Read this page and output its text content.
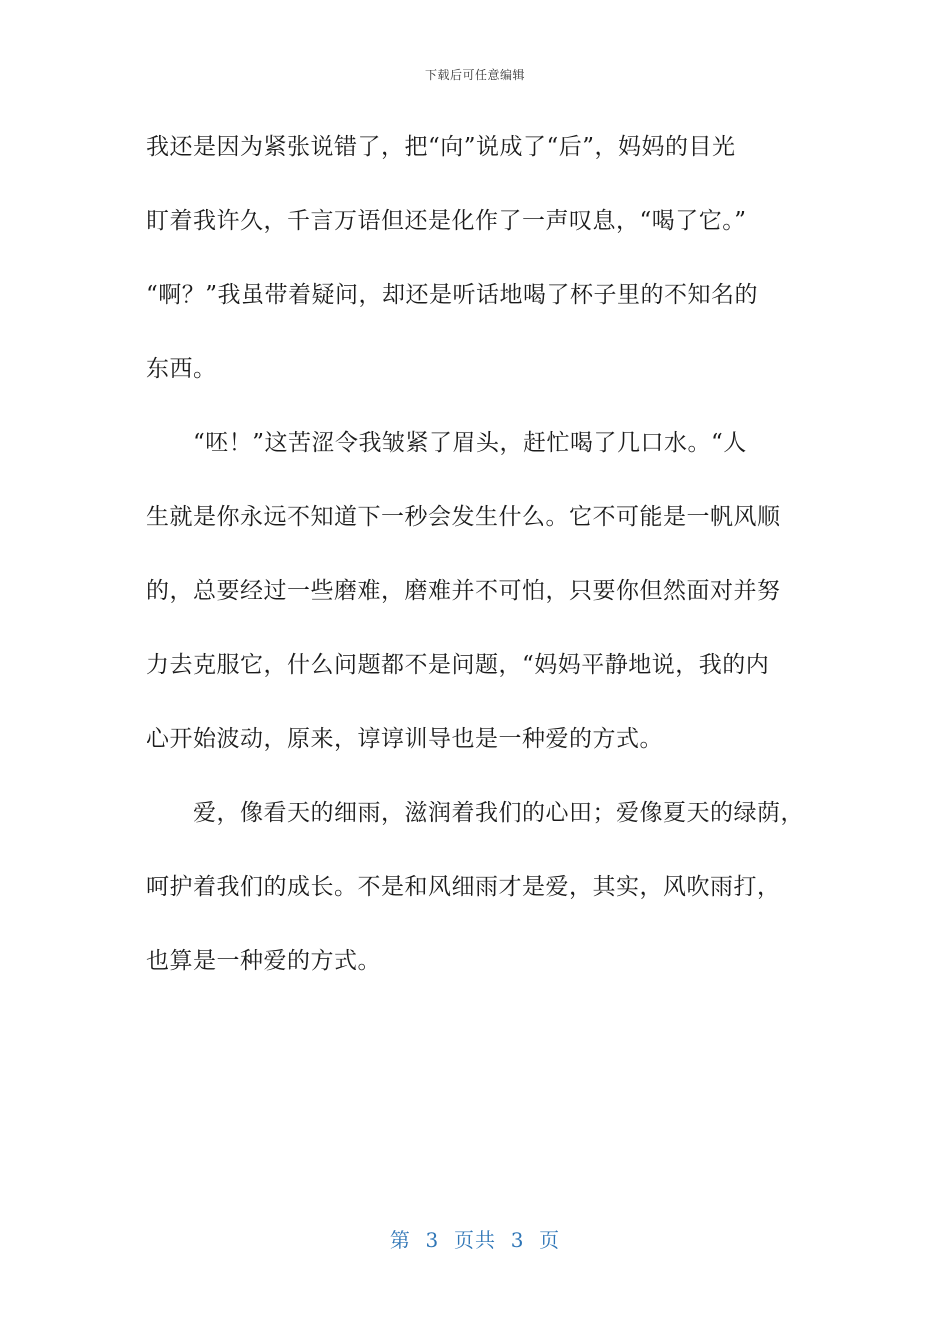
下载后可任意编辑
我还是因为紧张说错了，把“向”说成了“后”，妈妈的目光
盯着我许久，千言万语但还是化作了一声叹息，“喝了它。”
“啊？”我虽带着疑问，却还是听话地喝了杯子里的不知名的
东西。
“呸！”这苦涩令我皱紧了眉头，赶忙喝了几口水。“人
生就是你永远不知道下一秒会发生什么。它不可能是一帆风顺
的，总要经过一些磨难，磨难并不可怕，只要你但然面对并努
力去克服它，什么问题都不是问题，“妈妈平静地说，我的内
心开始波动，原来，谆谆训导也是一种爱的方式。
爱，像看天的细雨，滋润着我们的心田；爱像夏天的绿荫，
呵护着我们的成长。不是和风细雨才是爱，其实，风吹雨打，
也算是一种爱的方式。
第  3  页共  3  页
